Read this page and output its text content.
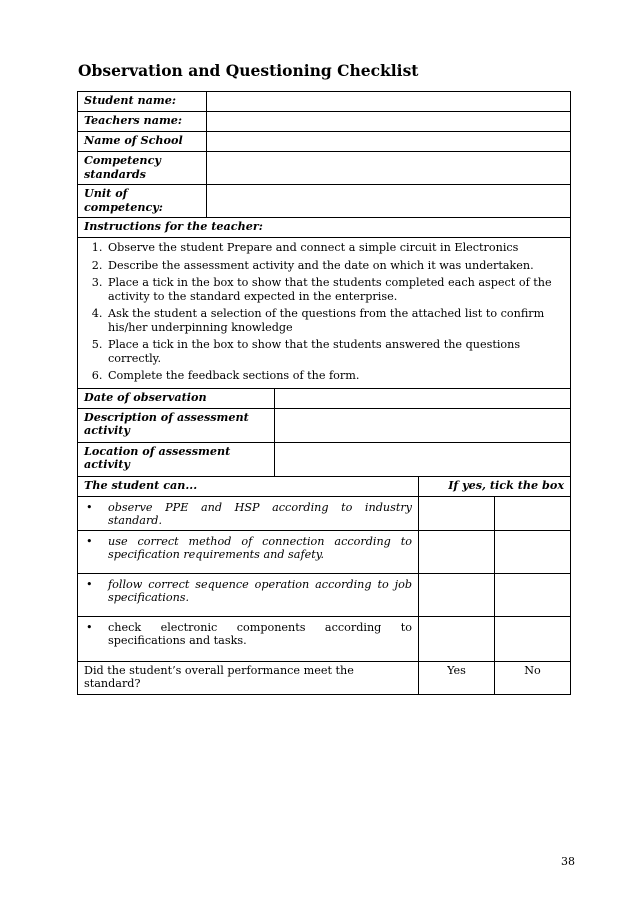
Observation and Questioning Checklist
Student name:	
Teachers name:	
Name of School	
Competency standards	
Unit of competency:	
Instructions for the teacher:

1. Observe the student Prepare and connect a simple circuit in Electronics
2. Describe the assessment activity and the date on which it was undertaken.
3. Place a tick in the box to show that the students completed each aspect of the activity to the standard expected in the enterprise.
4. Ask the student a selection of the questions from the attached list to confirm his/her underpinning knowledge
5. Place a tick in the box to show that the students answered the questions correctly.
6. Complete the feedback sections of the form.
Date of observation	
Description of assessment activity	
Location of assessment activity	
The student can...	If yes, tick the box	

• observe PPE and HSP according to industry standard.		

• use correct method of connection according to specification requirements and safety.		

• follow correct sequence operation according to job specifications.		

• check electronic components according to specifications and tasks.		

Did the student’s overall performance meet the standard?	Yes	No
38
